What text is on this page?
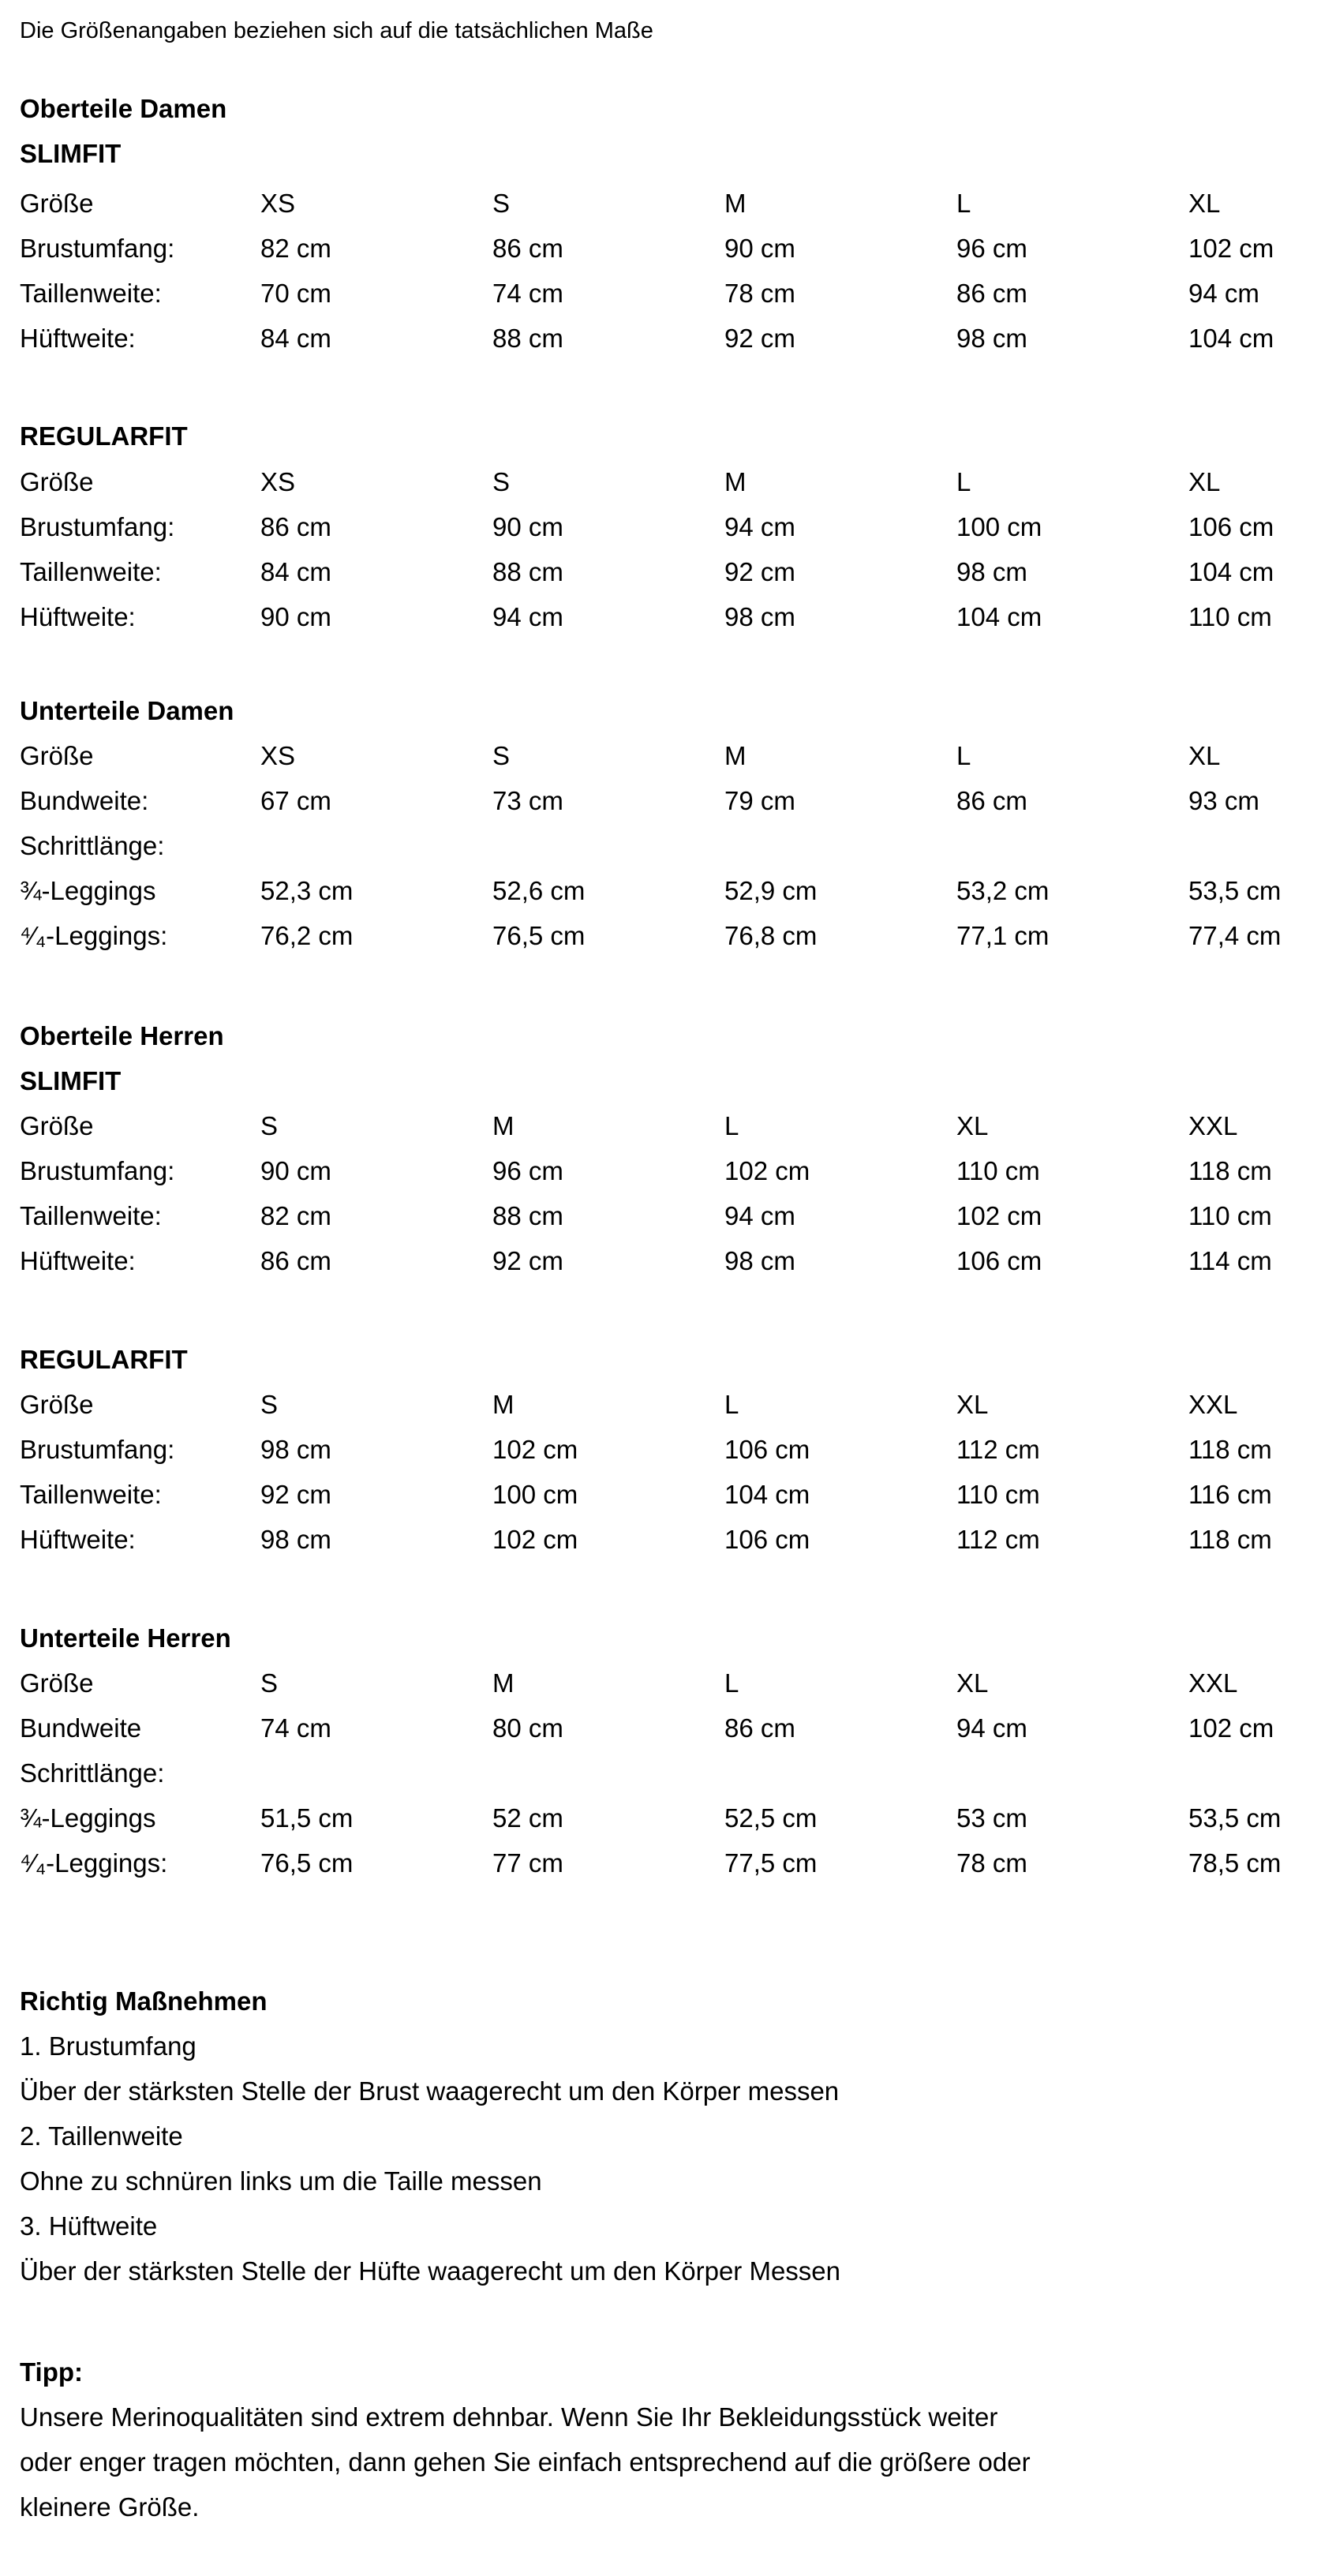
Die Größenangaben beziehen sich auf die tatsächlichen Maße
Oberteile Damen
SLIMFIT
Größe	XS	S	M	L	XL
Brustumfang:	82 cm	86 cm	90 cm	96 cm	102 cm
Taillenweite:	70 cm	74 cm	78 cm	86 cm	94 cm
Hüftweite:	84 cm	88 cm	92 cm	98 cm	104 cm
REGULARFIT
Größe	XS	S	M	L	XL
Brustumfang:	86 cm	90 cm	94 cm	100 cm	106 cm
Taillenweite:	84 cm	88 cm	92 cm	98 cm	104 cm
Hüftweite:	90 cm	94 cm	98 cm	104 cm	110 cm
Unterteile Damen
Größe	XS	S	M	L	XL
Bundweite:	67 cm	73 cm	79 cm	86 cm	93 cm
Schrittlänge:
¾-Leggings	52,3 cm	52,6 cm	52,9 cm	53,2 cm	53,5 cm
⁴⁄₄-Leggings:	76,2 cm	76,5 cm	76,8 cm	77,1 cm	77,4 cm
Oberteile Herren
SLIMFIT
Größe	S	M	L	XL	XXL
Brustumfang:	90 cm	96 cm	102 cm	110 cm	118 cm
Taillenweite:	82 cm	88 cm	94 cm	102 cm	110 cm
Hüftweite:	86 cm	92 cm	98 cm	106 cm	114 cm
REGULARFIT
Größe	S	M	L	XL	XXL
Brustumfang:	98 cm	102 cm	106 cm	112 cm	118 cm
Taillenweite:	92 cm	100 cm	104 cm	110 cm	116 cm
Hüftweite:	98 cm	102 cm	106 cm	112 cm	118 cm
Unterteile Herren
Größe	S	M	L	XL	XXL
Bundweite	74 cm	80 cm	86 cm	94 cm	102 cm
Schrittlänge:
¾-Leggings	51,5 cm	52 cm	52,5 cm	53 cm	53,5 cm
⁴⁄₄-Leggings:	76,5 cm	77 cm	77,5 cm	78 cm	78,5 cm
Richtig Maßnehmen
1. Brustumfang
Über der stärksten Stelle der Brust waagerecht um den Körper messen
2. Taillenweite
Ohne zu schnüren links um die Taille messen
3. Hüftweite
Über der stärksten Stelle der Hüfte waagerecht um den Körper Messen
Tipp:
Unsere Merinoqualitäten sind extrem dehnbar. Wenn Sie Ihr Bekleidungsstück weiter
oder enger tragen möchten, dann gehen Sie einfach entsprechend auf die größere oder
kleinere Größe.
